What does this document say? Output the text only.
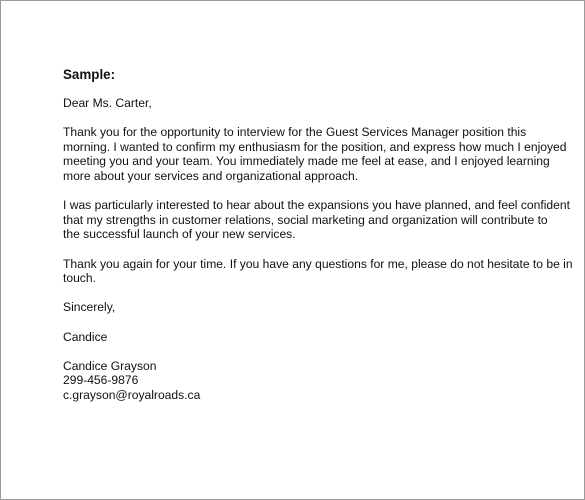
Sample:
Dear Ms. Carter,
Thank you for the opportunity to interview for the Guest Services Manager position this
morning. I wanted to confirm my enthusiasm for the position, and express how much I enjoyed
meeting you and your team. You immediately made me feel at ease, and I enjoyed learning
more about your services and organizational approach.
I was particularly interested to hear about the expansions you have planned, and feel confident
that my strengths in customer relations, social marketing and organization will contribute to
the successful launch of your new services.
Thank you again for your time. If you have any questions for me, please do not hesitate to be in
touch.
Sincerely,
Candice
Candice Grayson
299-456-9876
c.grayson@royalroads.ca
